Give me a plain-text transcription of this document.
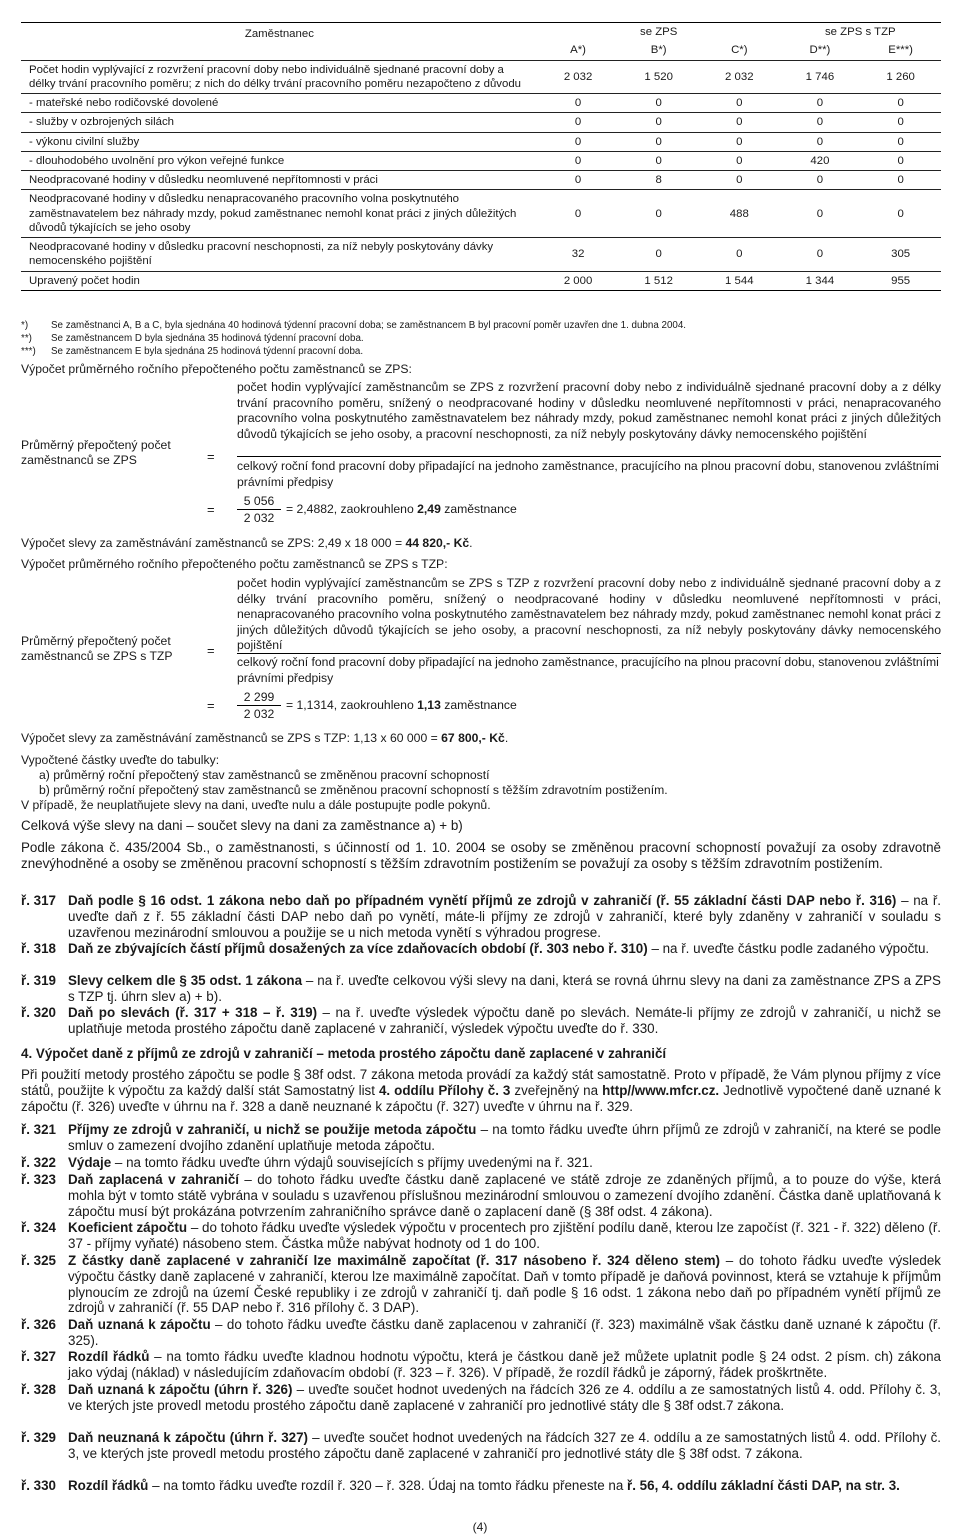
Zaměstnanec	se ZPS			se ZPS s TZP	
	A*)	B*)	C*)	D**)	E***)
Počet hodin vyplývající z rozvržení pracovní doby nebo individuálně sjednané pracovní doby a délky trvání pracovního poměru; z nich do délky trvání pracovního poměru nezapočteno z důvodu	2 032	1 520	2 032	1 746	1 260
- mateřské nebo rodičovské dovolené	0	0	0	0	0
- služby v ozbrojených silách	0	0	0	0	0
- výkonu civilní služby	0	0	0	0	0
- dlouhodobého uvolnění pro výkon veřejné funkce	0	0	0	420	0
Neodpracované hodiny v důsledku neomluvené nepřítomnosti v práci	0	8	0	0	0
Neodpracované hodiny v důsledku nenapracovaného pracovního volna poskytnutého zaměstnavatelem bez náhrady mzdy, pokud zaměstnanec nemohl konat práci z jiných důležitých důvodů týkajících se jeho osoby	0	0	488	0	0
Neodpracované hodiny v důsledku pracovní neschopnosti, za níž nebyly poskytovány dávky nemocenského pojištění	32	0	0	0	305
Upravený počet hodin	2 000	1 512	1 544	1 344	955
*) Se zaměstnanci A, B a C, byla sjednána 40 hodinová týdenní pracovní doba; se zaměstnancem B byl pracovní poměr uzavřen dne 1. dubna 2004.
**) Se zaměstnancem D byla sjednána 35 hodinová týdenní pracovní doba.
***) Se zaměstnancem E byla sjednána 25 hodinová týdenní pracovní doba.
Výpočet průměrného ročního přepočteného počtu zaměstnanců se ZPS:
počet hodin vyplývající zaměstnancům se ZPS z rozvržení pracovní doby nebo z individuálně sjednané pracovní doby a z délky trvání pracovního poměru, snížený o neodpracované hodiny v důsledku neomluvené nepřítomnosti v práci, nenapracovaného pracovního volna poskytnutého zaměstnavatelem bez náhrady mzdy, pokud zaměstnanec nemohl konat práci z jiných důležitých důvodů týkajících se jeho osoby, a pracovní neschopnosti, za níž nebyly poskytovány dávky nemocenského pojištění
celkový roční fond pracovní doby připadající na jednoho zaměstnance, pracujícího na plnou pracovní dobu, stanovenou zvláštními právními předpisy
Průměrný přepočtený počet zaměstnanců se ZPS	=
= $\frac{5 056}{2 032} = 2,4882$, zaokrouhleno 2,49 zaměstnance
Výpočet slevy za zaměstnávání zaměstnanců se ZPS: 2,49 x 18 000 = 44 820,- Kč.
Výpočet průměrného ročního přepočteného počtu zaměstnanců se ZPS s TZP:
počet hodin vyplývající zaměstnancům se ZPS s TZP z rozvržení pracovní doby nebo z individuálně sjednané pracovní doby a z délky trvání pracovního poměru, snížený o neodpracované hodiny v důsledku neomluvené nepřítomnosti v práci, nenapracovaného pracovního volna poskytnutého zaměstnavatelem bez náhrady mzdy, pokud zaměstnanec nemohl konat práci z jiných důležitých důvodů týkajících se jeho osoby, a pracovní neschopnosti, za níž nebyly poskytovány dávky nemocenského pojištění
celkový roční fond pracovní doby připadající na jednoho zaměstnance, pracujícího na plnou pracovní dobu, stanovenou zvláštními právními předpisy
Průměrný přepočtený počet zaměstnanců se ZPS s TZP	=
= $\frac{2 299}{2 032} = 1,1314$, zaokrouhleno 1,13 zaměstnance
Výpočet slevy za zaměstnávání zaměstnanců se ZPS s TZP: 1,13 x 60 000 = 67 800,- Kč.
Vypočtené částky uveďte do tabulky:
a) průměrný roční přepočtený stav zaměstnanců se změněnou pracovní schopností
b) průměrný roční přepočtený stav zaměstnanců se změněnou pracovní schopností s těžším zdravotním postižením.
V případě, že neuplatňujete slevy na dani, uveďte nulu a dále postupujte podle pokynů.
Celková výše slevy na dani – součet slevy na dani za zaměstnance a) + b)
Podle zákona č. 435/2004 Sb., o zaměstnanosti, s účinností od 1. 10. 2004 se osoby se změněnou pracovní schopností považují za osoby zdravotně znevýhodněné a osoby se změněnou pracovní schopností s těžším zdravotním postižením se považují za osoby s těžším zdravotním postižením.
ř. 317 Daň podle § 16 odst. 1 zákona nebo daň po případném vynětí příjmů ze zdrojů v zahraničí (ř. 55 základní části DAP nebo ř. 316) – na ř. uveďte daň z ř. 55 základní části DAP nebo daň po vynětí, máte-li příjmy ze zdrojů v zahraničí, které byly zdaněny v zahraničí v souladu s uzavřenou mezinárodní smlouvou a použije se u nich metoda vynětí s výhradou progrese.
ř. 318 Daň ze zbývajících částí příjmů dosažených za více zdaňovacích období (ř. 303 nebo ř. 310) – na ř. uveďte částku podle zadaného výpočtu.
ř. 319 Slevy celkem dle § 35 odst. 1 zákona – na ř. uveďte celkovou výši slevy na dani, která se rovná úhrnu slevy na dani za zaměstnance ZPS a ZPS s TZP tj. úhrn slev a) + b).
ř. 320 Daň po slevách (ř. 317 + 318 – ř. 319) – na ř. uveďte výsledek výpočtu daně po slevách. Nemáte-li příjmy ze zdrojů v zahraničí, u nichž se uplatňuje metoda prostého zápočtu daně zaplacené v zahraničí, výsledek výpočtu uveďte do ř. 330.
4. Výpočet daně z příjmů ze zdrojů v zahraničí – metoda prostého zápočtu daně zaplacené v zahraničí
Při použití metody prostého zápočtu se podle § 38f odst. 7 zákona metoda provádí za každý stát samostatně. Proto v případě, že Vám plynou příjmy z více států, použijte k výpočtu za každý další stát Samostatný list 4. oddílu Přílohy č. 3 zveřejněný na http//www.mfcr.cz. Jednotlivě vypočtené daně uznané k zápočtu (ř. 326) uveďte v úhrnu na ř. 328 a daně neuznané k zápočtu (ř. 327) uveďte v úhrnu na ř. 329.
ř. 321 Příjmy ze zdrojů v zahraničí, u nichž se použije metoda zápočtu – na tomto řádku uveďte úhrn příjmů ze zdrojů v zahraničí, na které se podle smluv o zamezení dvojího zdanění uplatňuje metoda zápočtu.
ř. 322 Výdaje – na tomto řádku uveďte úhrn výdajů souvisejících s příjmy uvedenými na ř. 321.
ř. 323 Daň zaplacená v zahraničí – do tohoto řádku uveďte částku daně zaplacené ve státě zdroje ze zdaněných příjmů, a to pouze do výše, která mohla být v tomto státě vybrána v souladu s uzavřenou příslušnou mezinárodní smlouvou o zamezení dvojího zdanění. Částka daně uplatňovaná k zápočtu musí být prokázána potvrzením zahraničního správce daně o zaplacení daně (§ 38f odst. 4 zákona).
ř. 324 Koeficient zápočtu – do tohoto řádku uveďte výsledek výpočtu v procentech pro zjištění podílu daně, kterou lze započíst (ř. 321 - ř. 322) děleno (ř. 37 - příjmy vyňaté) násobeno stem. Částka může nabývat hodnoty od 1 do 100.
ř. 325 Z částky daně zaplacené v zahraničí lze maximálně započítat (ř. 317 násobeno ř. 324 děleno stem) – do tohoto řádku uveďte výsledek výpočtu částky daně zaplacené v zahraničí, kterou lze maximálně započítat. Daň v tomto případě je daňová povinnost, která se vztahuje k příjmům plynoucím ze zdrojů na území České republiky i ze zdrojů v zahraničí tj. daň podle § 16 odst. 1 zákona nebo daň po případném vynětí příjmů ze zdrojů v zahraničí (ř. 55 DAP nebo ř. 316 přílohy č. 3 DAP).
ř. 326 Daň uznaná k zápočtu – do tohoto řádku uveďte částku daně zaplacenou v zahraničí (ř. 323) maximálně však částku daně uznané k zápočtu (ř. 325).
ř. 327 Rozdíl řádků – na tomto řádku uveďte kladnou hodnotu výpočtu, která je částkou daně jež můžete uplatnit podle § 24 odst. 2 písm. ch) zákona jako výdaj (náklad) v následujícím zdaňovacím období (ř. 323 – ř. 326). V případě, že rozdíl řádků je záporný, řádek proškrtněte.
ř. 328 Daň uznaná k zápočtu (úhrn ř. 326) – uveďte součet hodnot uvedených na řádcích 326 ze 4. oddílu a ze samostatných listů 4. odd. Přílohy č. 3, ve kterých jste provedl metodu prostého zápočtu daně zaplacené v zahraničí pro jednotlivé státy dle § 38f odst.7 zákona.
ř. 329 Daň neuznaná k zápočtu (úhrn ř. 327) – uveďte součet hodnot uvedených na řádcích 327 ze 4. oddílu a ze samostatných listů 4. odd. Přílohy č. 3, ve kterých jste provedl metodu prostého zápočtu daně zaplacené v zahraničí pro jednotlivé státy dle § 38f odst. 7 zákona.
ř. 330 Rozdíl řádků – na tomto řádku uveďte rozdíl ř. 320 – ř. 328. Údaj na tomto řádku přeneste na ř. 56, 4. oddílu základní části DAP, na str. 3.
(4)
